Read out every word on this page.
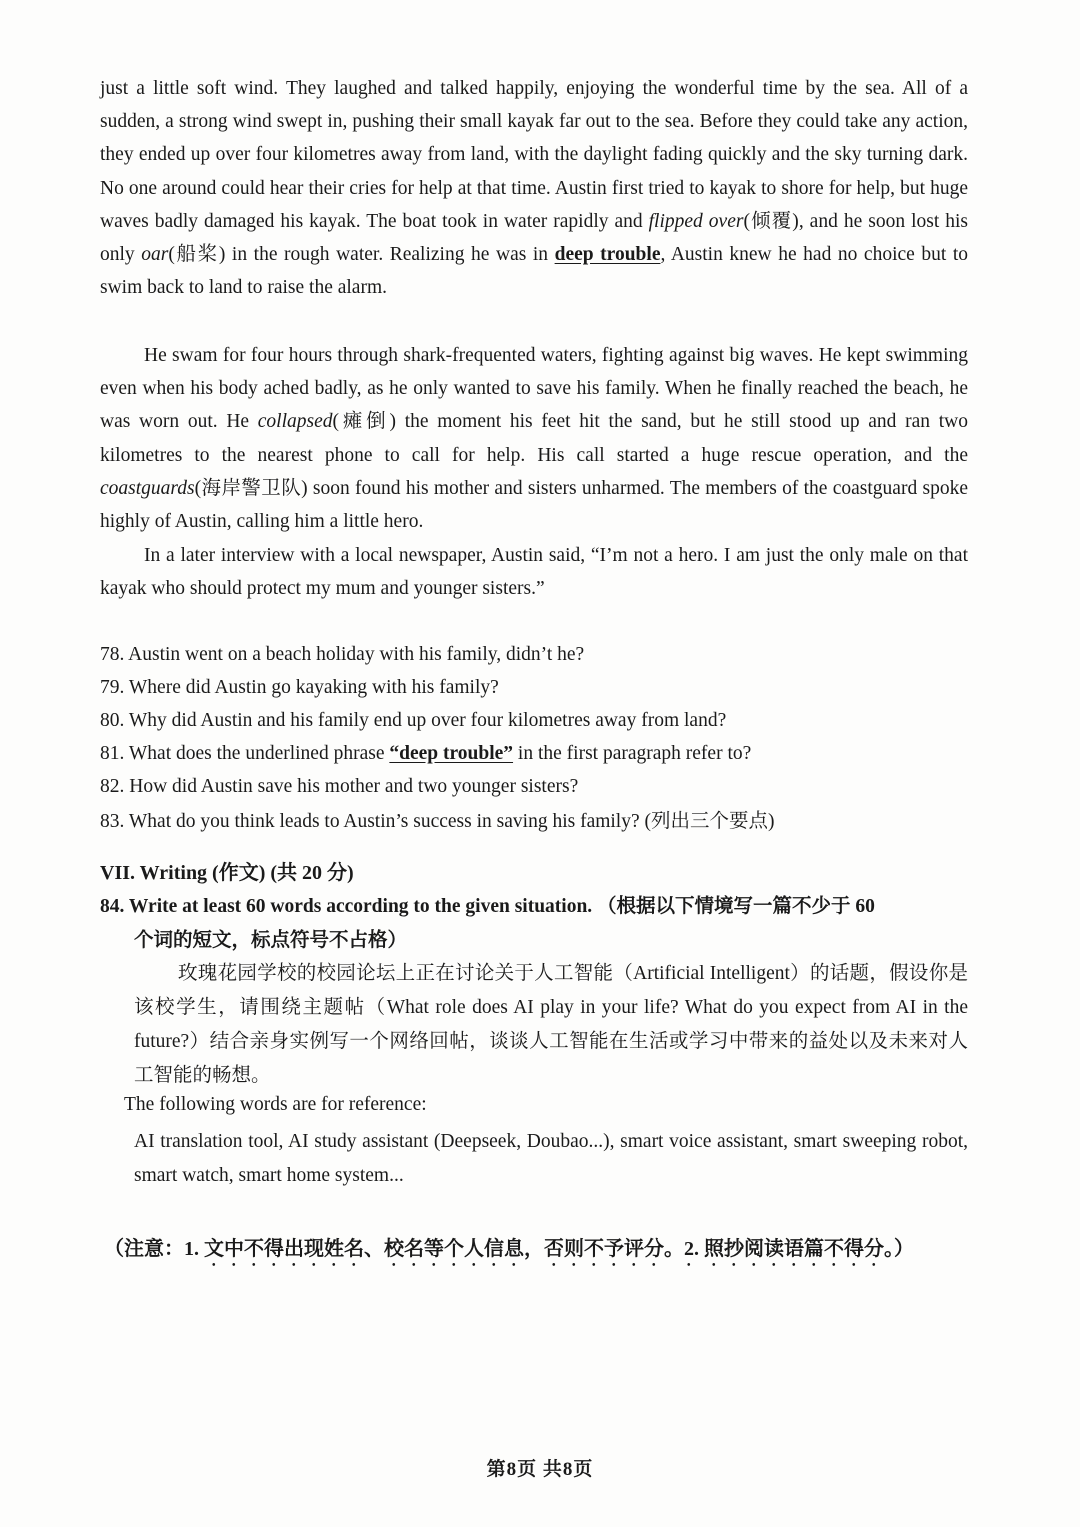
just a little soft wind. They laughed and talked happily, enjoying the wonderful time by the sea. All of a sudden, a strong wind swept in, pushing their small kayak far out to the sea. Before they could take any action, they ended up over four kilometres away from land, with the daylight fading quickly and the sky turning dark. No one around could hear their cries for help at that time. Austin first tried to kayak to shore for help, but huge waves badly damaged his kayak. The boat took in water rapidly and flipped over(倾覆), and he soon lost his only oar(船桨) in the rough water. Realizing he was in deep trouble, Austin knew he had no choice but to swim back to land to raise the alarm.

He swam for four hours through shark-frequented waters, fighting against big waves. He kept swimming even when his body ached badly, as he only wanted to save his family. When he finally reached the beach, he was worn out. He collapsed(瘫倒) the moment his feet hit the sand, but he still stood up and ran two kilometres to the nearest phone to call for help. His call started a huge rescue operation, and the coastguards(海岸警卫队) soon found his mother and sisters unharmed. The members of the coastguard spoke highly of Austin, calling him a little hero.

In a later interview with a local newspaper, Austin said, “I’m not a hero. I am just the only male on that kayak who should protect my mum and younger sisters.”

78. Austin went on a beach holiday with his family, didn’t he?
79. Where did Austin go kayaking with his family?
80. Why did Austin and his family end up over four kilometres away from land?
81. What does the underlined phrase “deep trouble” in the first paragraph refer to?
82. How did Austin save his mother and two younger sisters?
83. What do you think leads to Austin’s success in saving his family? (列出三个要点)
VII. Writing (作文) (共 20 分)
84. Write at least 60 words according to the given situation. （根据以下情境写一篇不少于 60
个词的短文，标点符号不占格）

玫瑰花园学校的校园论坛上正在讨论关于人工智能（Artificial Intelligent）的话题，假设你是该校学生，请围绕主题帖（What role does AI play in your life? What do you expect from AI in the future?）结合亲身实例写一个网络回帖，谈谈人工智能在生活或学习中带来的益处以及未来对人工智能的畅想。

The following words are for reference:

AI translation tool, AI study assistant (Deepseek, Doubao...), smart voice assistant, smart sweeping robot, smart watch, smart home system...

（注意：1. 文中不得出现姓名、校名等个人信息，否则不予评分。2. 照抄阅读语篇不得分。）
第8页 共8页
